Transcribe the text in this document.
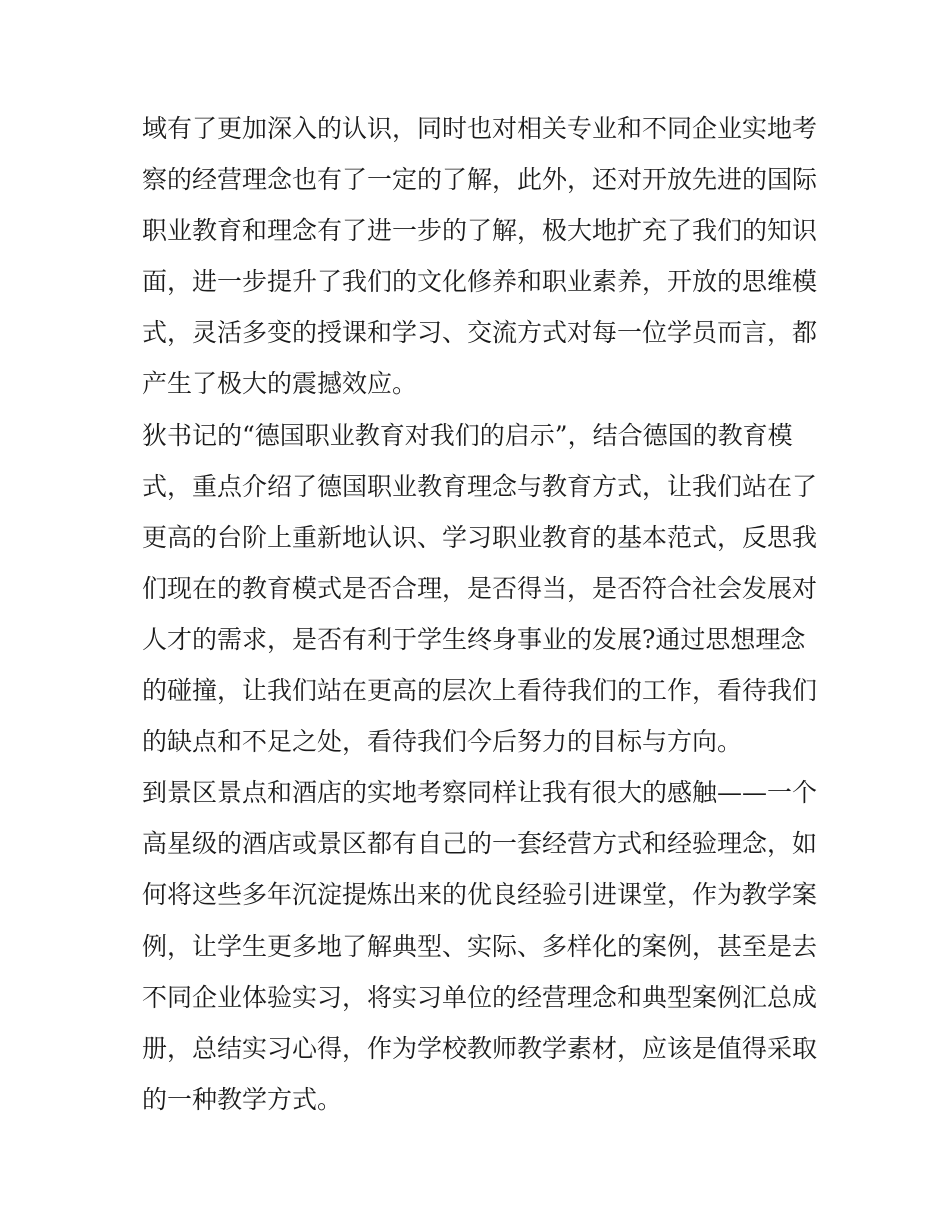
域有了更加深入的认识，同时也对相关专业和不同企业实地考
察的经营理念也有了一定的了解，此外，还对开放先进的国际
职业教育和理念有了进一步的了解，极大地扩充了我们的知识
面，进一步提升了我们的文化修养和职业素养，开放的思维模
式，灵活多变的授课和学习、交流方式对每一位学员而言，都
产生了极大的震撼效应。
狄书记的“德国职业教育对我们的启示”，结合德国的教育模
式，重点介绍了德国职业教育理念与教育方式，让我们站在了
更高的台阶上重新地认识、学习职业教育的基本范式，反思我
们现在的教育模式是否合理，是否得当，是否符合社会发展对
人才的需求，是否有利于学生终身事业的发展?通过思想理念
的碰撞，让我们站在更高的层次上看待我们的工作，看待我们
的缺点和不足之处，看待我们今后努力的目标与方向。
到景区景点和酒店的实地考察同样让我有很大的感触——一个
高星级的酒店或景区都有自己的一套经营方式和经验理念，如
何将这些多年沉淀提炼出来的优良经验引进课堂，作为教学案
例，让学生更多地了解典型、实际、多样化的案例，甚至是去
不同企业体验实习，将实习单位的经营理念和典型案例汇总成
册，总结实习心得，作为学校教师教学素材，应该是值得采取
的一种教学方式。
